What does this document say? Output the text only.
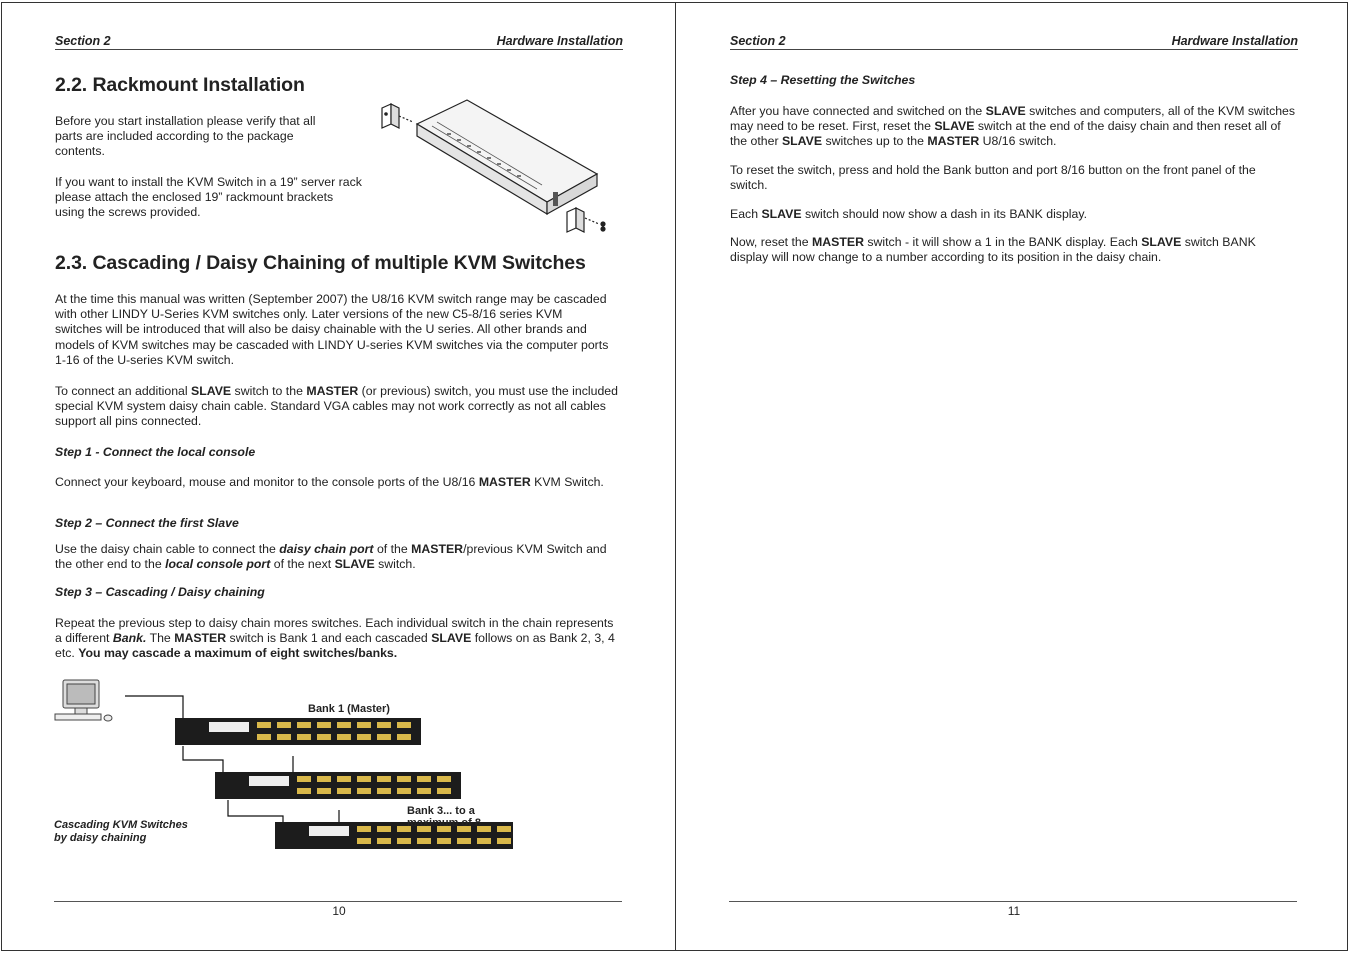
Section 2	Hardware Installation
2.2. Rackmount Installation

Before you start installation please verify that all parts are included according to the package contents.

If you want to install the KVM Switch in a 19” server rack please attach the enclosed 19” rackmount brackets using the screws provided.

2.3. Cascading / Daisy Chaining of multiple KVM Switches

At the time this manual was written (September 2007) the U8/16 KVM switch range may be cascaded with other LINDY U-Series KVM switches only. Later versions of the new C5-8/16 series KVM switches will be introduced that will also be daisy chainable with the U series. All other brands and models of KVM switches may be cascaded with LINDY U-series KVM switches via the computer ports 1-16 of the U-series KVM switch.

To connect an additional SLAVE switch to the MASTER (or previous) switch, you must use the included special KVM system daisy chain cable. Standard VGA cables may not work correctly as not all cables support all pins connected.

Step 1 - Connect the local console

Connect your keyboard, mouse and monitor to the console ports of the U8/16 MASTER KVM Switch.

Step 2 – Connect the first Slave

Use the daisy chain cable to connect the daisy chain port of the MASTER/previous KVM Switch and the other end to the local console port of the next SLAVE switch.

Step 3 – Cascading / Daisy chaining

Repeat the previous step to daisy chain mores switches. Each individual switch in the chain represents a different Bank. The MASTER switch is Bank 1 and each cascaded SLAVE follows on as Bank 2, 3, 4 etc. You may cascade a maximum of eight switches/banks.

Bank 1 (Master)
Bank 3... to a maximum of 8
Cascading KVM Switches
by daisy chaining
10
Section 2	Hardware Installation

Step 4 – Resetting the Switches

After you have connected and switched on the SLAVE switches and computers, all of the KVM switches may need to be reset. First, reset the SLAVE switch at the end of the daisy chain and then reset all of the other SLAVE switches up to the MASTER U8/16 switch.

To reset the switch, press and hold the Bank button and port 8/16 button on the front panel of the switch.

Each SLAVE switch should now show a dash in its BANK display.

Now, reset the MASTER switch - it will show a 1 in the BANK display. Each SLAVE switch BANK display will now change to a number according to its position in the daisy chain.

11
